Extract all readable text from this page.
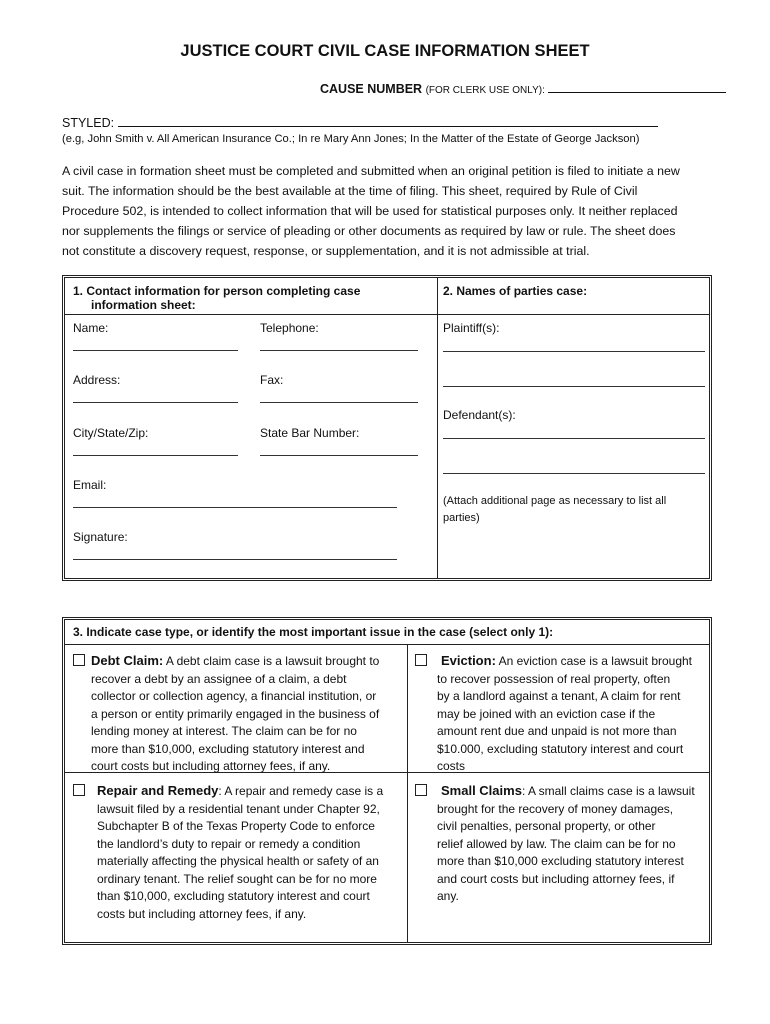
JUSTICE COURT CIVIL CASE INFORMATION SHEET
CAUSE NUMBER (FOR CLERK USE ONLY):
STYLED:
(e.g, John Smith v. All American Insurance Co.; In re Mary Ann Jones; In the Matter of the Estate of George Jackson)
A civil case in formation sheet must be completed and submitted when an original petition is filed to initiate a new
suit. The information should be the best available at the time of filing. This sheet, required by Rule of Civil
Procedure 502, is intended to collect information that will be used for statistical purposes only. It neither replaced
nor supplements the filings or service of pleading or other documents as required by law or rule. The sheet does
not constitute a discovery request, response, or supplementation, and it is not admissible at trial.
1. Contact information for person completing case
information sheet:
2. Names of parties case:
Name:	Telephone:
Address:	Fax:
City/State/Zip:	State Bar Number:
Email:
Signature:
Plaintiff(s):
Defendant(s):
(Attach additional page as necessary to list all
parties)
3. Indicate case type, or identify the most important issue in the case (select only 1):
Debt Claim: A debt claim case is a lawsuit brought to
recover a debt by an assignee of a claim, a debt
collector or collection agency, a financial institution, or
a person or entity primarily engaged in the business of
lending money at interest. The claim can be for no
more than $10,000, excluding statutory interest and
court costs but including attorney fees, if any.
Eviction: An eviction case is a lawsuit brought
to recover possession of real property, often
by a landlord against a tenant, A claim for rent
may be joined with an eviction case if the
amount rent due and unpaid is not more than
$10.000, excluding statutory interest and court
costs
Repair and Remedy: A repair and remedy case is a
lawsuit filed by a residential tenant under Chapter 92,
Subchapter B of the Texas Property Code to enforce
the landlord’s duty to repair or remedy a condition
materially affecting the physical health or safety of an
ordinary tenant. The relief sought can be for no more
than $10,000, excluding statutory interest and court
costs but including attorney fees, if any.
Small Claims: A small claims case is a lawsuit
brought for the recovery of money damages,
civil penalties, personal property, or other
relief allowed by law. The claim can be for no
more than $10,000 excluding statutory interest
and court costs but including attorney fees, if
any.
